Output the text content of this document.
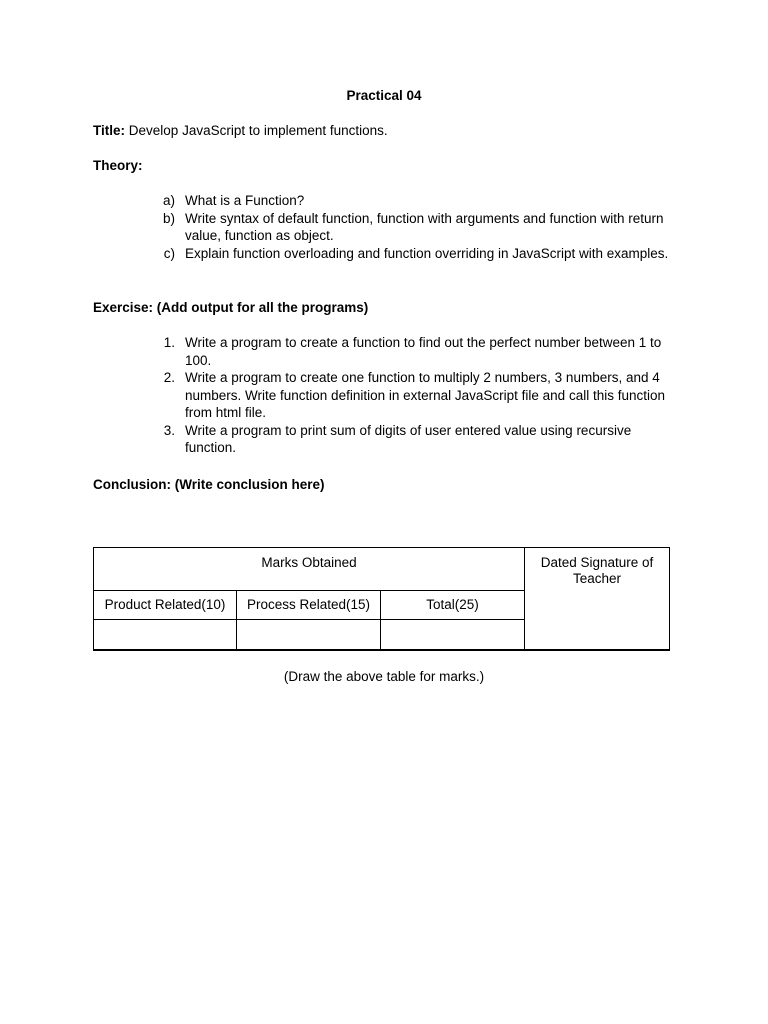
Practical 04
Title: Develop JavaScript to implement functions.
Theory:
a) What is a Function?
b) Write syntax of default function, function with arguments and function with return value, function as object.
c) Explain function overloading and function overriding in JavaScript with examples.
Exercise: (Add output for all the programs)
1. Write a program to create a function to find out the perfect number between 1 to 100.
2. Write a program to create one function to multiply 2 numbers, 3 numbers, and 4 numbers. Write function definition in external JavaScript file and call this function from html file.
3. Write a program to print sum of digits of user entered value using recursive function.
Conclusion: (Write conclusion here)
Marks Obtained			Dated Signature of Teacher
Product Related(10)	Process Related(15)	Total(25)	

(Draw the above table for marks.)
